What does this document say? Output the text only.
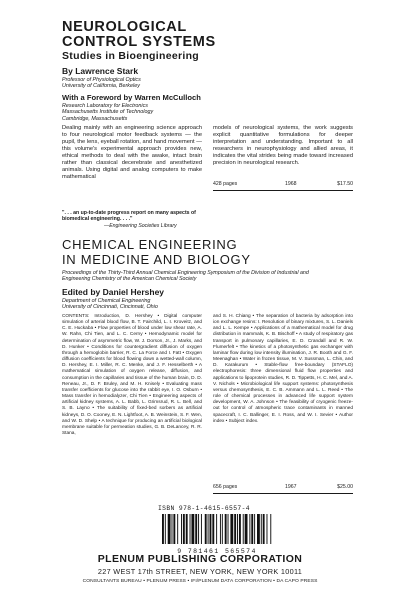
NEUROLOGICAL
CONTROL SYSTEMS
Studies in Bioengineering
By Lawrence Stark
Professor of Physiological Optics
University of California, Berkeley
With a Foreword by Warren McCulloch
Research Laboratory for Electronics
Massachusetts Institute of Technology
Cambridge, Massachusetts
Dealing mainly with an engineering science approach to four neurological motor feedback systems — the pupil, the lens, eyeball rotation, and hand movement — this volume's experimental approach provides new, ethical methods to deal with the awake, intact brain rather than classical decerebrate and anesthetized animals. Using digital and analog computers to make mathematical
models of neurological systems, the work suggests explicit quantitative formulations for deeper interpretation and understanding. Important to all researchers in neurophysiology and allied areas, it indicates the vital strides being made toward increased precision in neurological research.
428 pages	1968	$17.50
". . . an up-to-date progress report on many aspects of
biomedical engineering. . . ."
—Engineering Societies Library
CHEMICAL ENGINEERING
IN MEDICINE AND BIOLOGY
Proceedings of the Thirty-Third Annual Chemical Engineering Symposium of the Division of Industrial and
Engineering Chemistry of the American Chemical Society
Edited by Daniel Hershey
Department of Chemical Engineering
University of Cincinnati, Cincinnati, Ohio
CONTENTS: Introduction, D. Hershey • Digital computer simulation of arterial blood flow, B. T. Fairchild, L. I. Kroveitz, and C. E. Huckaba • Flow properties of blood under low shear rate, A. W. Rahn, Chi Tien, and L. C. Cerny • Hemodynamic model for determination of asymmetric flow, W. J. Dorson, Jr., J. Marks, and D. Hunker • Conditions for countergradient diffusion of oxygen through a hemoglobin barrier, R. C. La Force and I. Fatt • Oxygen diffusion coefficients for blood flowing down a wetted-wall column, D. Hershey, E. I. Miller, R. C. Menke, and J. F. Hesselberth • A mathematical simulation of oxygen release, diffusion, and consumption in the capillaries and tissue of the human brain, D. D. Reneau, Jr., D. F. Bruley, and M. H. Knisely • Evaluating mass transfer coefficients for glucose into the rabbit eye, I. O. Osburn • Mass transfer in hemodialyzer, Chi Tien • Engineering aspects of artificial kidney systems, A. L. Babb, L. Grimsrud, R. L. Bell, and S. B. Layno • The suitability of fixed-bed sorbers as artificial kidneys, D. O. Cooney, E. N. Lightfoot, A. B. Weinstein, S. F. Wen, and W. D. Shelp • A technique for producing an artificial biological membrane suitable for permeation studies, G. B. DeLancey, R. R. Stana,
and S. H. Chiang • The separation of bacteria by adsorption into ion exchange resins: I. Resolution of binary mixtures, S. L. Daniels and L. L. Kempe • Applications of a mathematical model for drug distribution in mammals, K. B. Bischoff • A study of respiratory gas transport in pulmonary capillaries, E. D. Crandall and R. W. Flumerfelt • The kinetics of a photosynthetic gas exchanger with laminar flow during low intensity illumination, J. R. Booth and G. F. Meenaghan • Water in frozen tissue, M. V. Sussman, L. Chin, and D. Karakurum • Stable-flow free-boundary (STAFLO) electrophoresis: three dimensional fluid flow properties and applications to lipoprotein studies, R. D. Tippetts, H. C. Mel, and A. V. Nichols • Microbiological life support systems: photosynthesis versus chemosynthesis, E. C. B. Ammann and L. L. Reed • The role of chemical processes in advanced life support system development, W. A. Johnson • The feasibility of cryogenic freeze-out for control of atmospheric trace contaminants in manned spacecraft, I. C. Ballinger, E. I. Ross, and W. I. Sevier • Author index • Subject index.
656 pages	1967	$25.00
ISBN 978-1-4615-6557-4
9 781461 565574
PLENUM PUBLISHING CORPORATION
227 WEST 17th STREET, NEW YORK, NEW YORK 10011
CONSULTANTS BUREAU • PLENUM PRESS • IFI/PLENUM DATA CORPORATION • DA CAPO PRESS
